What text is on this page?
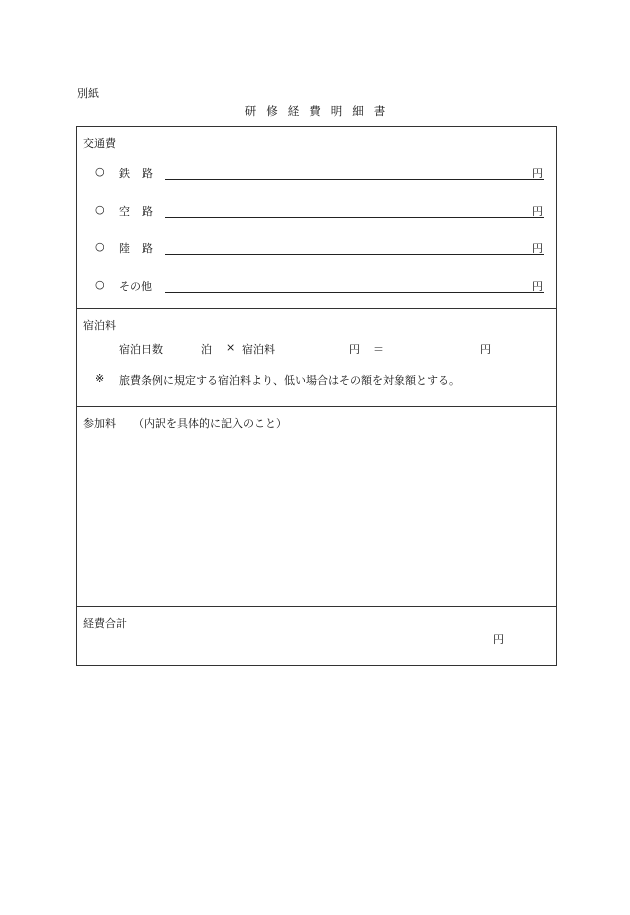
別紙
研修経費明細書
交通費
○ 鉄路	円
○ 空路	円
○ 陸路	円
○ その他	円
宿泊料
宿泊日数	泊 × 宿泊料	円 ＝	円
※ 旅費条例に規定する宿泊料より、低い場合はその額を対象額とする。
参加料 （内訳を具体的に記入のこと）
経費合計
円
